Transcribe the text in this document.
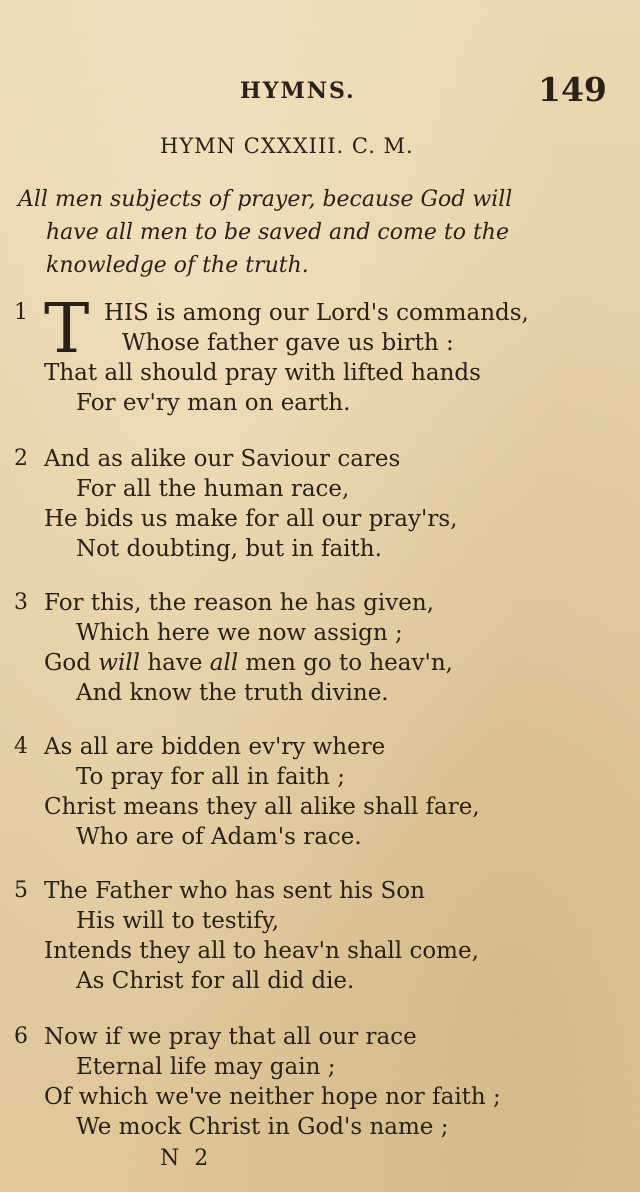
HYMNS.	149
HYMN CXXXIII. C. M.
All men subjects of prayer, because God will
have all men to be saved and come to the
knowledge of the truth.
1 T HIS is among our Lord's commands,
Whose father gave us birth :
That all should pray with lifted hands
For ev'ry man on earth.
2 And as alike our Saviour cares
For all the human race,
He bids us make for all our pray'rs,
Not doubting, but in faith.
3 For this, the reason he has given,
Which here we now assign ;
God will have all men go to heav'n,
And know the truth divine.
4 As all are bidden ev'ry where
To pray for all in faith ;
Christ means they all alike shall fare,
Who are of Adam's race.
5 The Father who has sent his Son
His will to testify,
Intends they all to heav'n shall come,
As Christ for all did die.
6 Now if we pray that all our race
Eternal life may gain ;
Of which we've neither hope nor faith ;
We mock Christ in God's name ;
N 2
